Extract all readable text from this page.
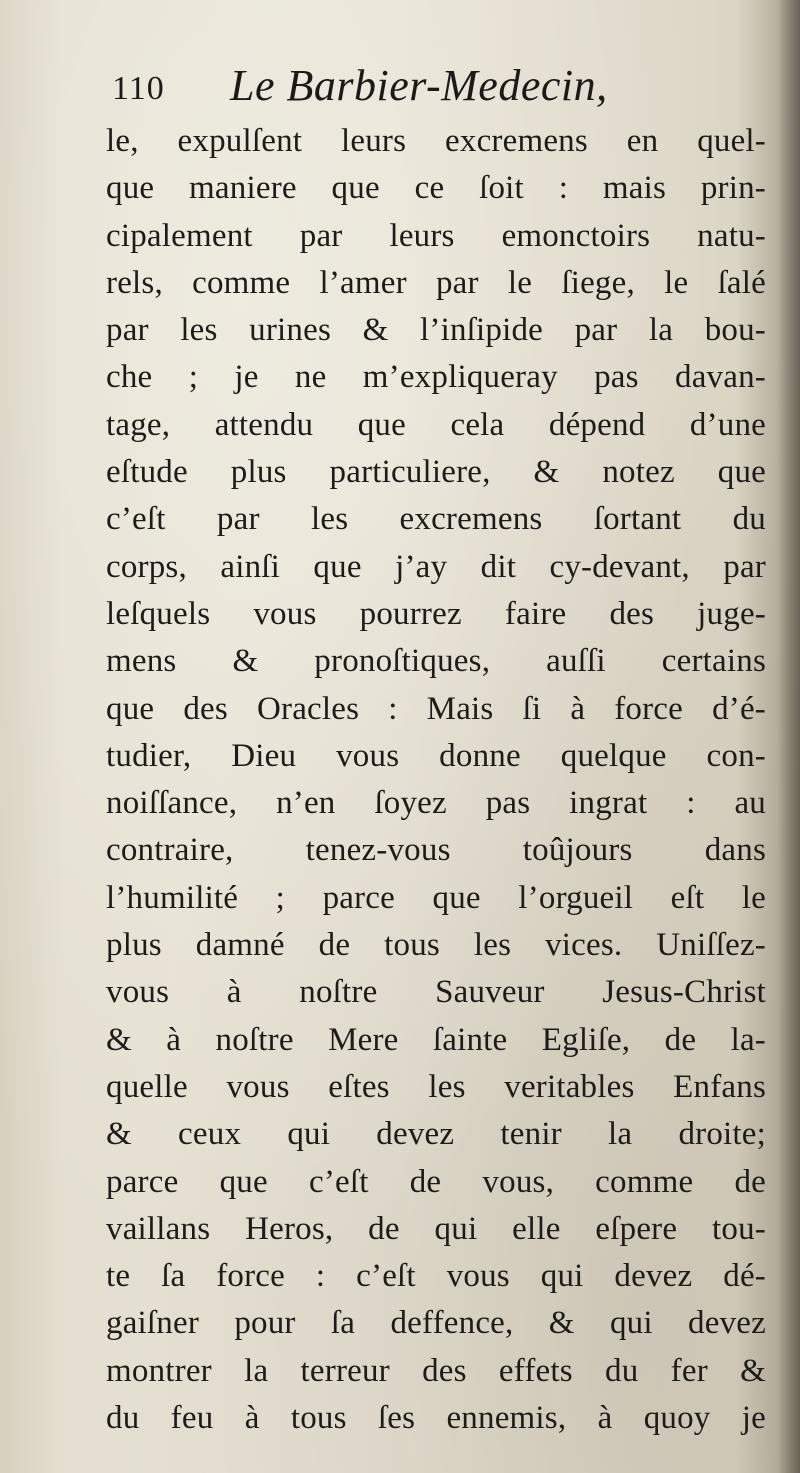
110 Le Barbier-Medecin,
le, expulſent leurs excremens en quel-
que maniere que ce ſoit : mais prin-
cipalement par leurs emonctoirs natu-
rels, comme l’amer par le ſiege, le ſalé
par les urines & l’inſipide par la bou-
che ; je ne m’expliqueray pas davan-
tage, attendu que cela dépend d’une
eſtude plus particuliere, & notez que
c’eſt par les excremens ſortant du
corps, ainſi que j’ay dit cy-devant, par
leſquels vous pourrez faire des juge-
mens & pronoſtiques, auſſi certains
que des Oracles : Mais ſi à force d’é-
tudier, Dieu vous donne quelque con-
noiſſance, n’en ſoyez pas ingrat : au
contraire, tenez-vous toûjours dans
l’humilité ; parce que l’orgueil eſt le
plus damné de tous les vices. Uniſſez-
vous à noſtre Sauveur Jesus-Christ
& à noſtre Mere ſainte Egliſe, de la-
quelle vous eſtes les veritables Enfans
& ceux qui devez tenir la droite;
parce que c’eſt de vous, comme de
vaillans Heros, de qui elle eſpere tou-
te ſa force : c’eſt vous qui devez dé-
gaiſner pour ſa deffence, & qui devez
montrer la terreur des effets du fer &
du feu à tous ſes ennemis, à quoy je
